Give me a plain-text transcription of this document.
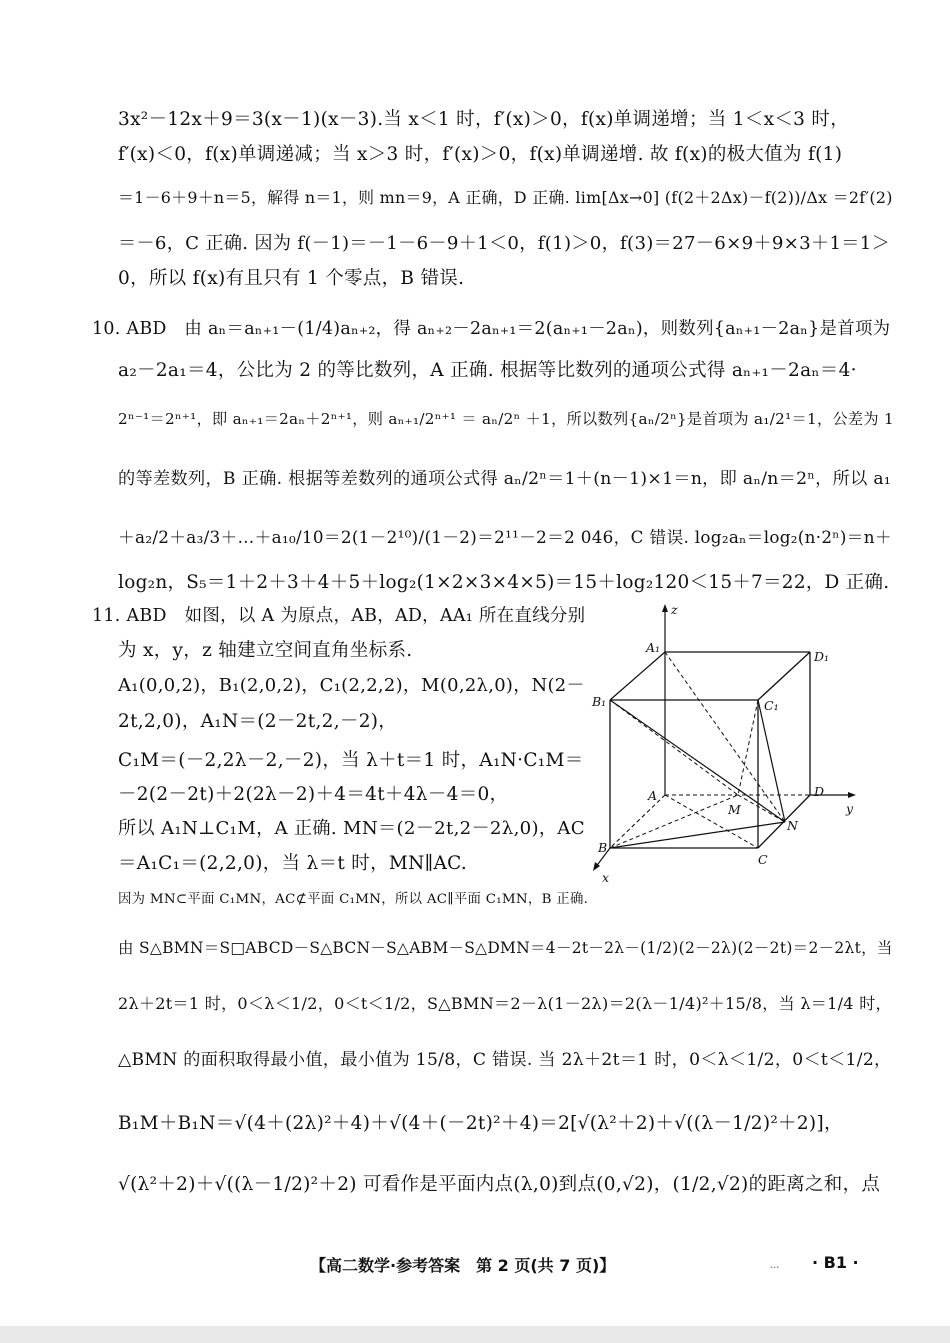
3x²－12x＋9＝3(x－1)(x－3).当 x＜1 时，f′(x)＞0，f(x)单调递增；当 1＜x＜3 时，
f′(x)＜0，f(x)单调递减；当 x＞3 时，f′(x)＞0，f(x)单调递增. 故 f(x)的极大值为 f(1)
＝1－6＋9＋n＝5，解得 n＝1，则 mn＝9，A 正确，D 正确. lim[Δx→0] (f(2＋2Δx)－f(2))/Δx ＝2f′(2)
＝－6，C 正确. 因为 f(－1)＝－1－6－9＋1＜0，f(1)＞0，f(3)＝27－6×9＋9×3＋1＝1＞
0，所以 f(x)有且只有 1 个零点，B 错误.
10. ABD　由 aₙ＝aₙ₊₁－(1/4)aₙ₊₂，得 aₙ₊₂－2aₙ₊₁＝2(aₙ₊₁－2aₙ)，则数列{aₙ₊₁－2aₙ}是首项为
a₂－2a₁＝4，公比为 2 的等比数列，A 正确. 根据等比数列的通项公式得 aₙ₊₁－2aₙ＝4·
2ⁿ⁻¹＝2ⁿ⁺¹，即 aₙ₊₁＝2aₙ＋2ⁿ⁺¹，则 aₙ₊₁/2ⁿ⁺¹ ＝ aₙ/2ⁿ ＋1，所以数列{aₙ/2ⁿ}是首项为 a₁/2¹＝1，公差为 1
的等差数列，B 正确. 根据等差数列的通项公式得 aₙ/2ⁿ＝1＋(n－1)×1＝n，即 aₙ/n＝2ⁿ，所以 a₁
＋a₂/2＋a₃/3＋…＋a₁₀/10＝2(1－2¹⁰)/(1－2)＝2¹¹－2＝2 046，C 错误. log₂aₙ＝log₂(n·2ⁿ)＝n＋
log₂n，S₅＝1＋2＋3＋4＋5＋log₂(1×2×3×4×5)＝15＋log₂120＜15＋7＝22，D 正确.
11. ABD　如图，以 A 为原点，AB，AD，AA₁ 所在直线分别
为 x，y，z 轴建立空间直角坐标系.
A₁(0,0,2)，B₁(2,0,2)，C₁(2,2,2)，M(0,2λ,0)，N(2－
2t,2,0)，A₁N＝(2－2t,2,－2)，
C₁M＝(－2,2λ－2,－2)，当 λ＋t＝1 时，A₁N·C₁M＝
－2(2－2t)＋2(2λ－2)＋4＝4t＋4λ－4＝0，
所以 A₁N⊥C₁M，A 正确. MN＝(2－2t,2－2λ,0)，AC
＝A₁C₁＝(2,2,0)，当 λ＝t 时，MN∥AC.
因为 MN⊂平面 C₁MN，AC⊄平面 C₁MN，所以 AC∥平面 C₁MN，B 正确.
由 S△BMN＝S□ABCD－S△BCN－S△ABM－S△DMN＝4－2t－2λ－(1/2)(2－2λ)(2－2t)＝2－2λt，当
2λ＋2t＝1 时，0＜λ＜1/2，0＜t＜1/2，S△BMN＝2－λ(1－2λ)＝2(λ－1/4)²＋15/8，当 λ＝1/4 时，
△BMN 的面积取得最小值，最小值为 15/8，C 错误. 当 2λ＋2t＝1 时，0＜λ＜1/2，0＜t＜1/2，
B₁M＋B₁N＝√(4＋(2λ)²＋4)＋√(4＋(－2t)²＋4)＝2[√(λ²＋2)＋√((λ－1/2)²＋2)]，
√(λ²＋2)＋√((λ－1/2)²＋2) 可看作是平面内点(λ,0)到点(0,√2)，(1/2,√2)的距离之和，点
z
y
x
A₁
D₁
B₁	C₁
A	D
B
C
M
N
【高二数学·参考答案　第 2 页(共 7 页)】	... · B1 ·
